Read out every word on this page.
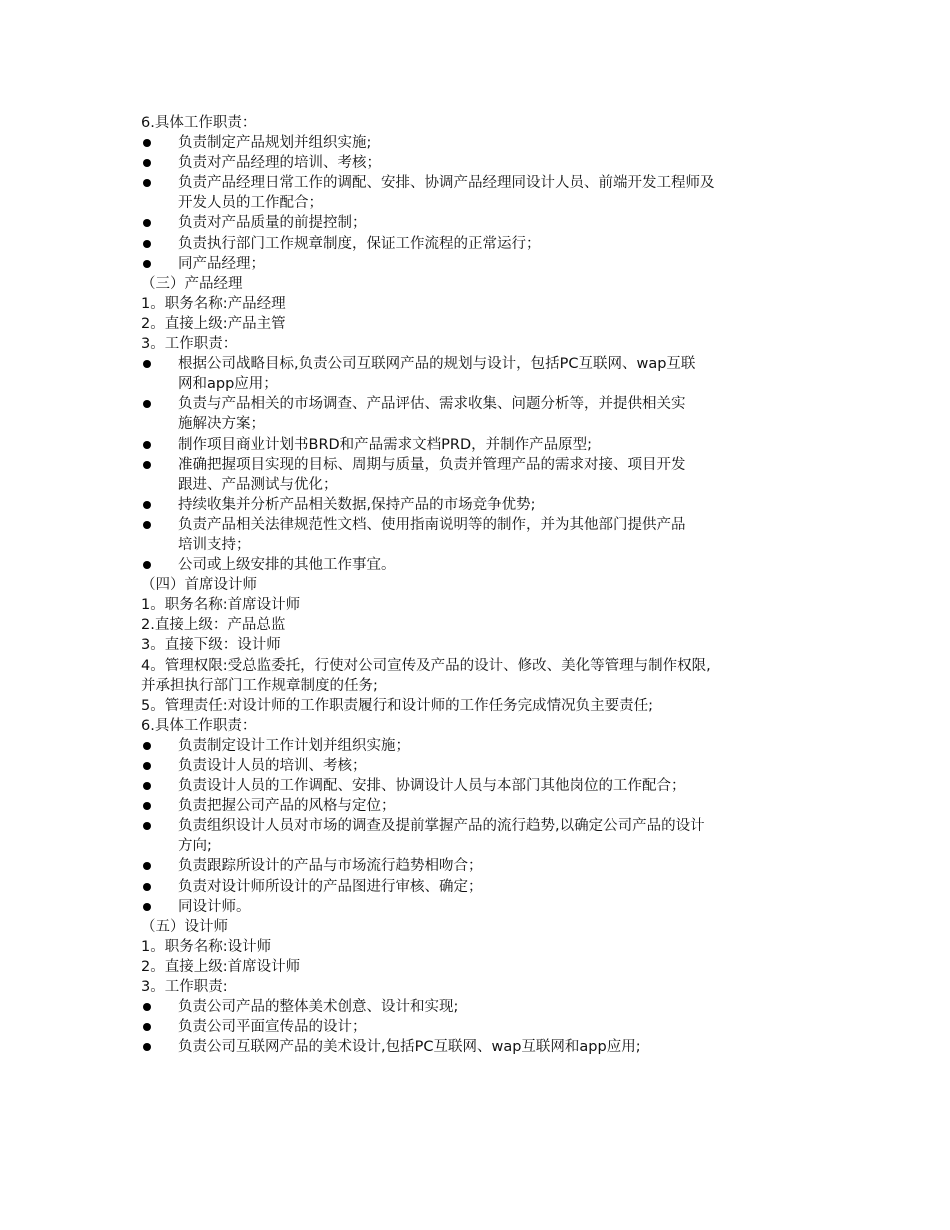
6.具体工作职责：
负责制定产品规划并组织实施;
负责对产品经理的培训、考核；
负责产品经理日常工作的调配、安排、协调产品经理同设计人员、前端开发工程师及
开发人员的工作配合；
负责对产品质量的前提控制；
负责执行部门工作规章制度，保证工作流程的正常运行；
同产品经理；
（三）产品经理
1。职务名称:产品经理
2。直接上级:产品主管
3。工作职责：
根据公司战略目标,负责公司互联网产品的规划与设计，包括PC互联网、wap互联
网和app应用；
负责与产品相关的市场调查、产品评估、需求收集、问题分析等，并提供相关实
施解决方案；
制作项目商业计划书BRD和产品需求文档PRD，并制作产品原型;
准确把握项目实现的目标、周期与质量，负责并管理产品的需求对接、项目开发
跟进、产品测试与优化；
持续收集并分析产品相关数据,保持产品的市场竞争优势;
负责产品相关法律规范性文档、使用指南说明等的制作，并为其他部门提供产品
培训支持；
公司或上级安排的其他工作事宜。
（四）首席设计师
1。职务名称:首席设计师
2.直接上级：产品总监
3。直接下级：设计师
4。管理权限:受总监委托，行使对公司宣传及产品的设计、修改、美化等管理与制作权限,
并承担执行部门工作规章制度的任务;
5。管理责任:对设计师的工作职责履行和设计师的工作任务完成情况负主要责任;
6.具体工作职责：
负责制定设计工作计划并组织实施；
负责设计人员的培训、考核；
负责设计人员的工作调配、安排、协调设计人员与本部门其他岗位的工作配合；
负责把握公司产品的风格与定位；
负责组织设计人员对市场的调查及提前掌握产品的流行趋势,以确定公司产品的设计
方向;
负责跟踪所设计的产品与市场流行趋势相吻合；
负责对设计师所设计的产品图进行审核、确定；
同设计师。
（五）设计师
1。职务名称:设计师
2。直接上级:首席设计师
3。工作职责:
负责公司产品的整体美术创意、设计和实现;
负责公司平面宣传品的设计；
负责公司互联网产品的美术设计,包括PC互联网、wap互联网和app应用;
